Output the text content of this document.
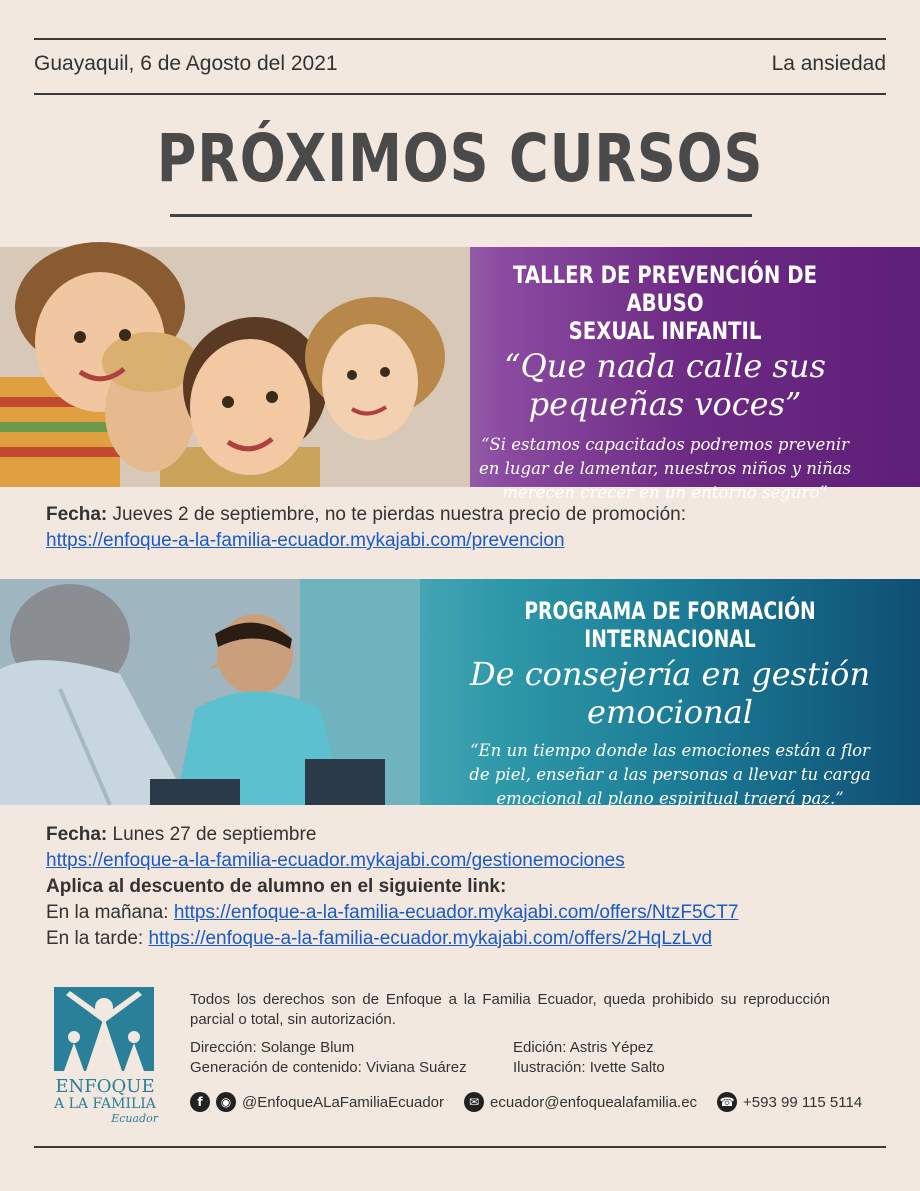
Guayaquil, 6 de Agosto del 2021	La ansiedad
PRÓXIMOS CURSOS
TALLER DE PREVENCIÓN DE ABUSO
SEXUAL INFANTIL
“Que nada calle sus
pequeñas voces”
“Si estamos capacitados podremos prevenir
en lugar de lamentar, nuestros niños y niñas
merecen crecer en un entorno seguro”
Fecha: Jueves 2 de septiembre, no te pierdas nuestra precio de promoción:
https://enfoque-a-la-familia-ecuador.mykajabi.com/prevencion
PROGRAMA DE FORMACIÓN INTERNACIONAL
De consejería en gestión
emocional
“En un tiempo donde las emociones están a flor
de piel, enseñar a las personas a llevar tu carga
emocional al plano espiritual traerá paz.”
Fecha: Lunes 27 de septiembre
https://enfoque-a-la-familia-ecuador.mykajabi.com/gestionemociones
Aplica al descuento de alumno en el siguiente link:
En la mañana: https://enfoque-a-la-familia-ecuador.mykajabi.com/offers/NtzF5CT7
En la tarde: https://enfoque-a-la-familia-ecuador.mykajabi.com/offers/2HqLzLvd
ENFOQUE
A LA FAMILIA
Ecuador
Todos los derechos son de Enfoque a la Familia Ecuador, queda prohibido su reproducción parcial o total, sin autorización.
Dirección: Solange Blum	Edición: Astris Yépez
Generación de contenido: Viviana Suárez	Ilustración: Ivette Salto
f	◉ @EnfoqueALaFamiliaEcuador	✉ ecuador@enfoquealafamilia.ec ☎ +593 99 115 5114
